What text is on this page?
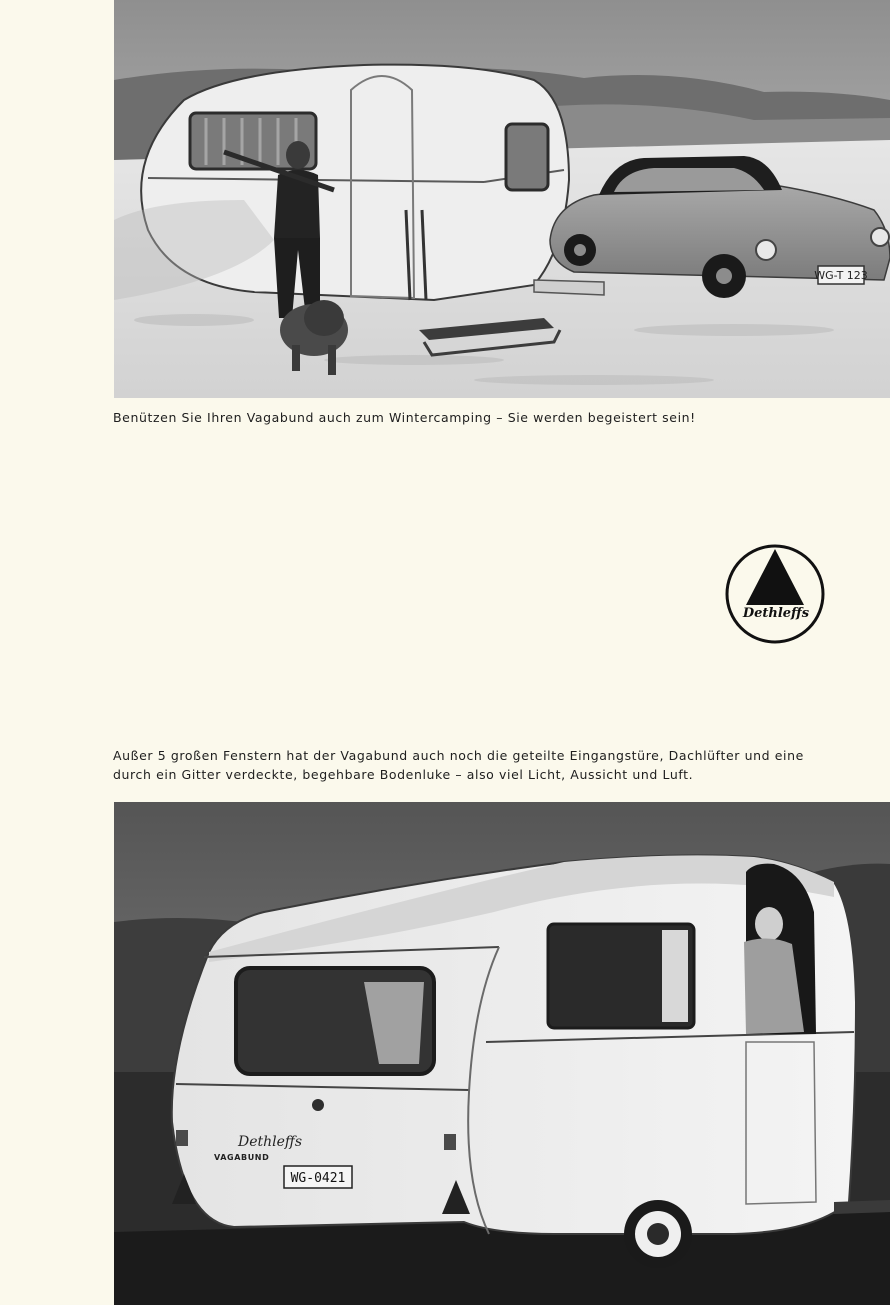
WG-T 123

Benützen Sie Ihren Vagabund auch zum Wintercamping – Sie werden begeistert sein!

Dethleffs

Außer 5 großen Fenstern hat der Vagabund auch noch die geteilte Eingangstüre, Dachlüfter und eine durch ein Gitter verdeckte, begehbare Bodenluke – also viel Licht, Aussicht und Luft.

Dethleffs
VAGABUND
WG-0421
